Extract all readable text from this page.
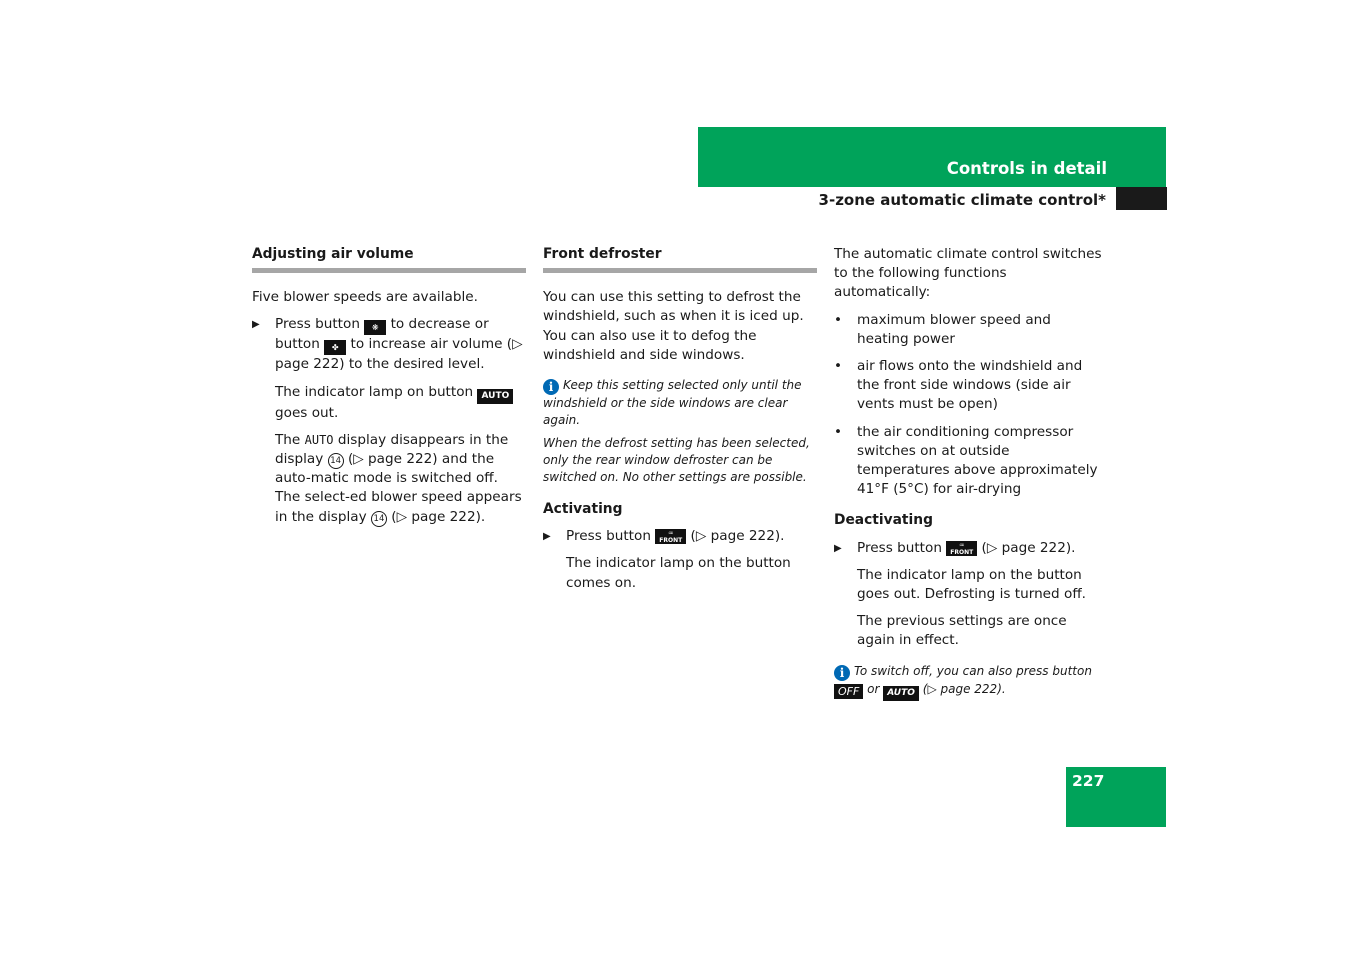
Controls in detail
3-zone automatic climate control*
Adjusting air volume

Five blower speeds are available.

▶ Press button ❋ to decrease or button ✤ to increase air volume (▷ page 222) to the desired level.
The indicator lamp on button AUTO goes out.
The AUTO display disappears in the display 14 (▷ page 222) and the auto-matic mode is switched off. The select-ed blower speed appears in the display 14 (▷ page 222).
Front defroster

You can use this setting to defrost the windshield, such as when it is iced up. You can also use it to defog the windshield and side windows.

i Keep this setting selected only until the windshield or the side windows are clear again.

When the defrost setting has been selected, only the rear window defroster can be switched on. No other settings are possible.

Activating
▶ Press button	♒
FRONT (▷ page 222).
The indicator lamp on the button comes on.

The automatic climate control switches to the following functions automatically:

• maximum blower speed and heating power
• air flows onto the windshield and the front side windows (side air vents must be open)
• the air conditioning compressor switches on at outside temperatures above approximately 41°F (5°C) for air-drying
Deactivating
▶ Press button	♒
FRONT (▷ page 222).
The indicator lamp on the button goes out. Defrosting is turned off.
The previous settings are once again in effect.

i To switch off, you can also press button OFF or AUTO (▷ page 222).

227
